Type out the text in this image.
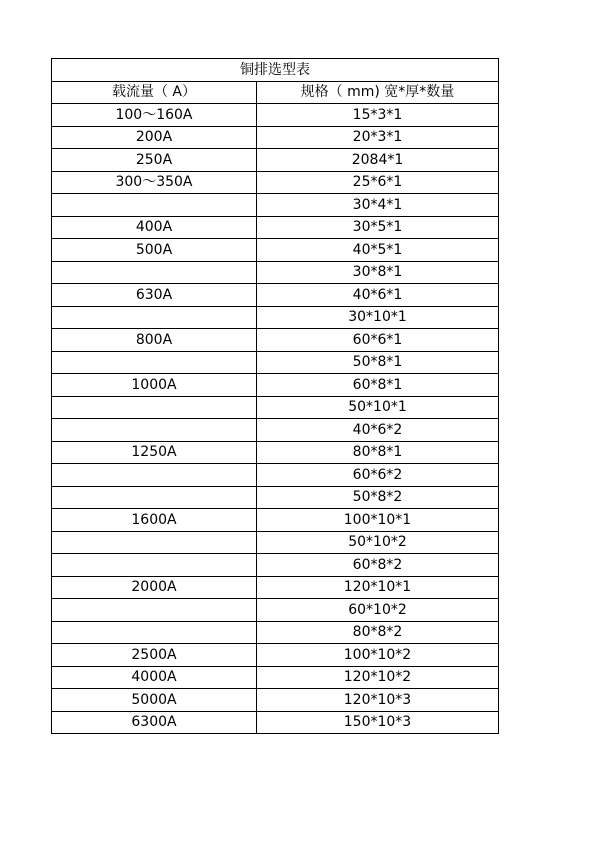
铜排选型表	
载流量（ A）	规格（ mm) 宽*厚*数量
100～160A	15*3*1
200A	20*3*1
250A	2084*1
300～350A	25*6*1
	30*4*1
400A	30*5*1
500A	40*5*1
	30*8*1
630A	40*6*1
	30*10*1
800A	60*6*1
	50*8*1
1000A	60*8*1
	50*10*1
	40*6*2
1250A	80*8*1
	60*6*2
	50*8*2
1600A	100*10*1
	50*10*2
	60*8*2
2000A	120*10*1
	60*10*2
	80*8*2
2500A	100*10*2
4000A	120*10*2
5000A	120*10*3
6300A	150*10*3
